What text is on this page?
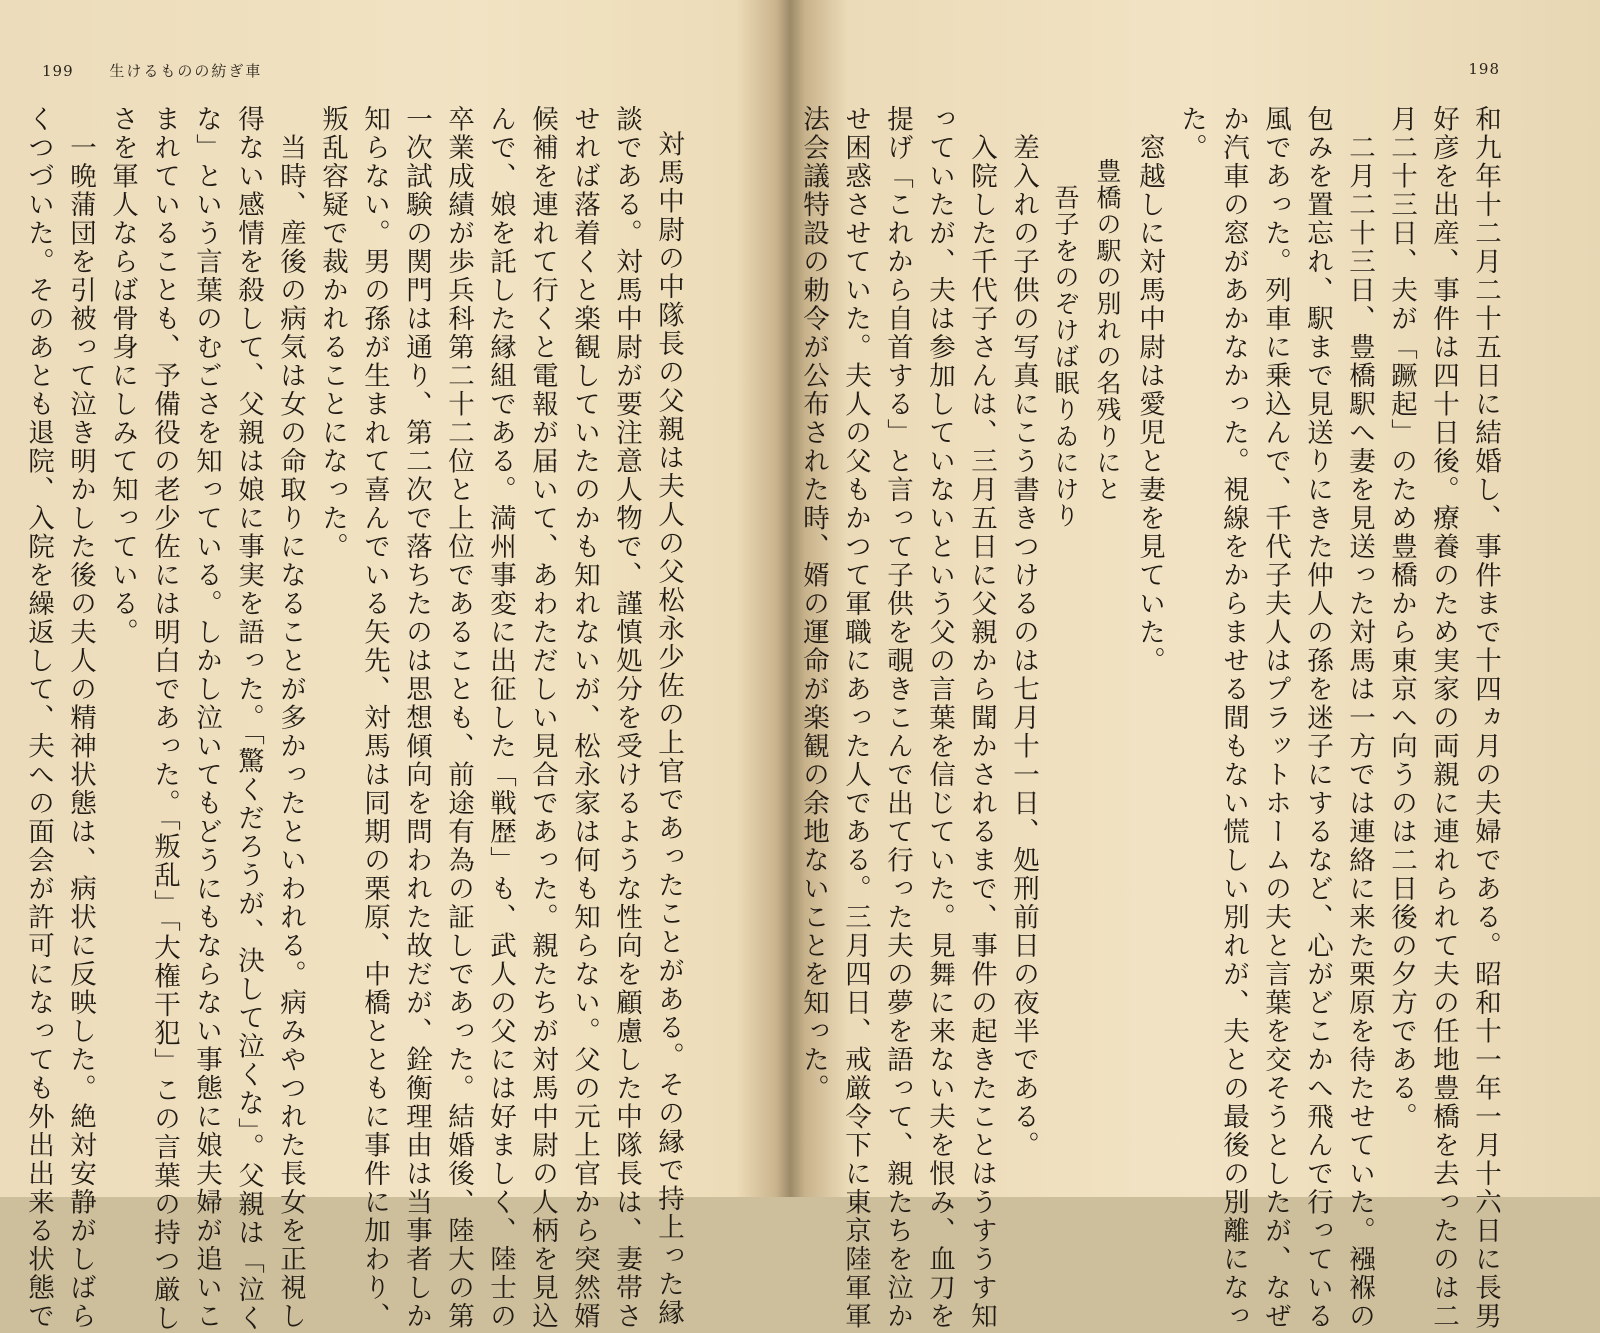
199 生けるものの紡ぎ車
対馬中尉の中隊長の父親は夫人の父松永少佐の上官であったことがある。その縁で持上った縁
談である。対馬中尉が要注意人物で、謹慎処分を受けるような性向を顧慮した中隊長は、妻帯さ
せれば落着くと楽観していたのかも知れないが、松永家は何も知らない。父の元上官から突然婿
候補を連れて行くと電報が届いて、あわただしい見合であった。親たちが対馬中尉の人柄を見込
んで、娘を託した縁組である。満州事変に出征した「戦歴」も、武人の父には好ましく、陸士の
卒業成績が歩兵科第二十二位と上位であることも、前途有為の証しであった。結婚後、陸大の第
一次試験の関門は通り、第二次で落ちたのは思想傾向を問われた故だが、銓衡理由は当事者しか
知らない。男の孫が生まれて喜んでいる矢先、対馬は同期の栗原、中橋とともに事件に加わり、
叛乱容疑で裁かれることになった。
　当時、産後の病気は女の命取りになることが多かったといわれる。病みやつれた長女を正視し
得ない感情を殺して、父親は娘に事実を語った。「驚くだろうが、決して泣くな」。父親は「泣く
な」という言葉のむごさを知っている。しかし泣いてもどうにもならない事態に娘夫婦が追いこ
まれていることも、予備役の老少佐には明白であった。「叛乱」「大権干犯」この言葉の持つ厳し
さを軍人ならば骨身にしみて知っている。
　一晩蒲団を引被って泣き明かした後の夫人の精神状態は、病状に反映した。絶対安静がしばら
くつづいた。そのあとも退院、入院を繰返して、夫への面会が許可になっても外出出来る状態で
198
和九年十二月二十五日に結婚し、事件まで十四ヵ月の夫婦である。昭和十一年一月十六日に長男
好彦を出産、事件は四十日後。療養のため実家の両親に連れられて夫の任地豊橋を去ったのは二
月二十三日、夫が「蹶起」のため豊橋から東京へ向うのは二日後の夕方である。
　二月二十三日、豊橋駅へ妻を見送った対馬は一方では連絡に来た栗原を待たせていた。襁褓の
包みを置忘れ、駅まで見送りにきた仲人の孫を迷子にするなど、心がどこかへ飛んで行っている
風であった。列車に乗込んで、千代子夫人はプラットホームの夫と言葉を交そうとしたが、なぜ
か汽車の窓があかなかった。視線をからませる間もない慌しい別れが、夫との最後の別離になっ
た。
　窓越しに対馬中尉は愛児と妻を見ていた。
　　豊橋の駅の別れの名残りにと
　　　吾子をのぞけば眠りゐにけり
　差入れの子供の写真にこう書きつけるのは七月十一日、処刑前日の夜半である。
　入院した千代子さんは、三月五日に父親から聞かされるまで、事件の起きたことはうすうす知
っていたが、夫は参加していないという父の言葉を信じていた。見舞に来ない夫を恨み、血刀を
提げ「これから自首する」と言って子供を覗きこんで出て行った夫の夢を語って、親たちを泣か
せ困惑させていた。夫人の父もかつて軍職にあった人である。三月四日、戒厳令下に東京陸軍軍
法会議特設の勅令が公布された時、婿の運命が楽観の余地ないことを知った。
